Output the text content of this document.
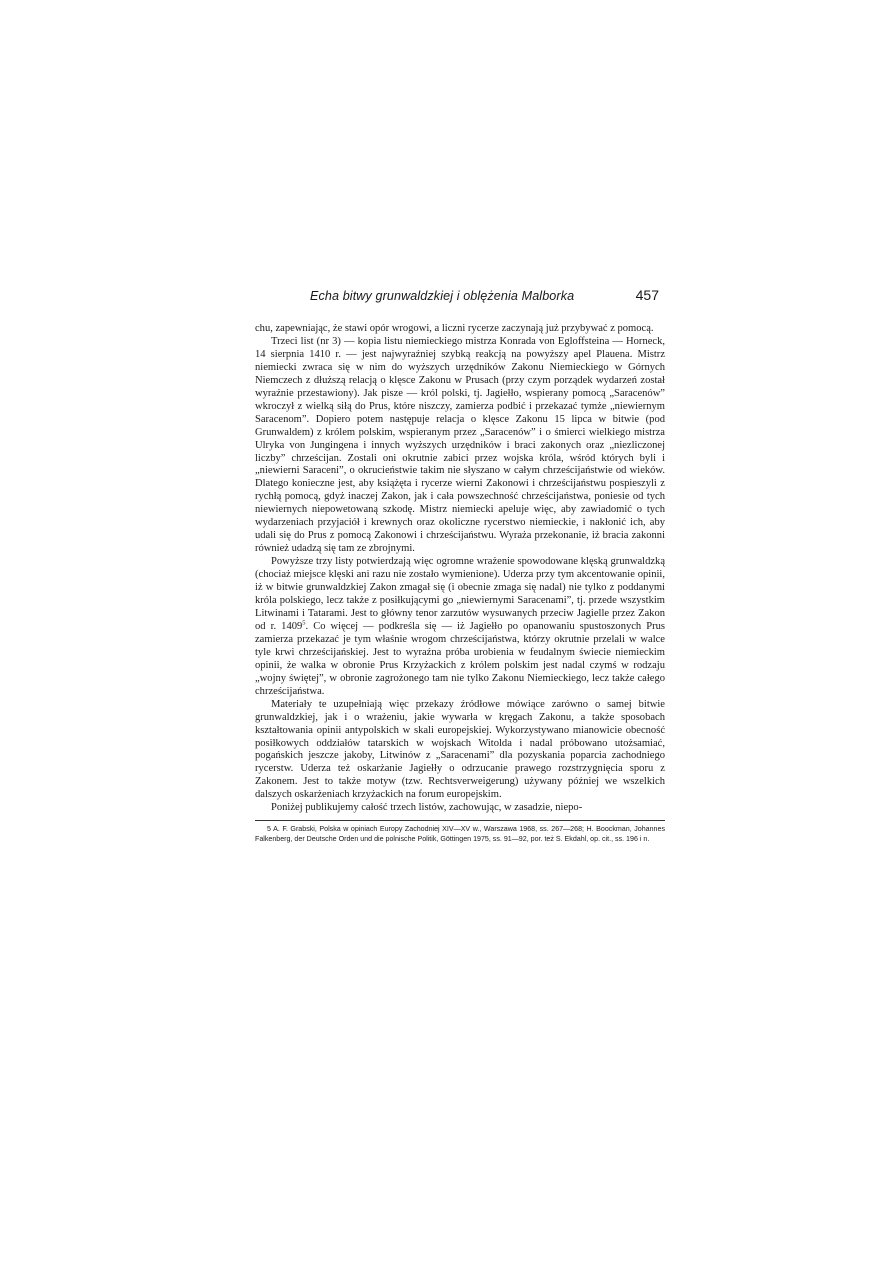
Echa bitwy grunwaldzkiej i oblężenia Malborka	457

chu, zapewniając, że stawi opór wrogowi, a liczni rycerze zaczynają już przybywać z pomocą.

Trzeci list (nr 3) — kopia listu niemieckiego mistrza Konrada von Egloffsteina — Horneck, 14 sierpnia 1410 r. — jest najwyraźniej szybką reakcją na powyższy apel Plauena. Mistrz niemiecki zwraca się w nim do wyższych urzędników Zakonu Niemieckiego w Górnych Niemczech z dłuższą relacją o klęsce Zakonu w Prusach (przy czym porządek wydarzeń został wyraźnie przestawiony). Jak pisze — król polski, tj. Jagiełło, wspierany pomocą „Saracenów” wkroczył z wielką siłą do Prus, które niszczy, zamierza podbić i przekazać tymże „niewiernym Saracenom”. Dopiero potem następuje relacja o klęsce Zakonu 15 lipca w bitwie (pod Grunwaldem) z królem polskim, wspieranym przez „Saracenów” i o śmierci wielkiego mistrza Ulryka von Jungingena i innych wyższych urzędników i braci zakonych oraz „niezliczonej liczby” chrześcijan. Zostali oni okrutnie zabici przez wojska króla, wśród których byli i „niewierni Saraceni”, o okrucieństwie takim nie słyszano w całym chrześcijaństwie od wieków. Dlatego konieczne jest, aby książęta i rycerze wierni Zakonowi i chrześcijaństwu pospieszyli z rychłą pomocą, gdyż inaczej Zakon, jak i cała powszechność chrześcijaństwa, poniesie od tych niewiernych niepowetowaną szkodę. Mistrz niemiecki apeluje więc, aby zawiadomić o tych wydarzeniach przyjaciół i krewnych oraz okoliczne rycerstwo niemieckie, i nakłonić ich, aby udali się do Prus z pomocą Zakonowi i chrześcijaństwu. Wyraża przekonanie, iż bracia zakonni również udadzą się tam ze zbrojnymi.

Powyższe trzy listy potwierdzają więc ogromne wrażenie spowodowane klęską grunwaldzką (chociaż miejsce klęski ani razu nie zostało wymienione). Uderza przy tym akcentowanie opinii, iż w bitwie grunwaldzkiej Zakon zmagał się (i obecnie zmaga się nadal) nie tylko z poddanymi króla polskiego, lecz także z posiłkującymi go „niewiernymi Saracenami”, tj. przede wszystkim Litwinami i Tatarami. Jest to główny tenor zarzutów wysuwanych przeciw Jagielle przez Zakon od r. 1409$^5$. Co więcej — podkreśla się — iż Jagiełło po opanowaniu spustoszonych Prus zamierza przekazać je tym właśnie wrogom chrześcijaństwa, którzy okrutnie przelali w walce tyle krwi chrześcijańskiej. Jest to wyraźna próba urobienia w feudalnym świecie niemieckim opinii, że walka w obronie Prus Krzyżackich z królem polskim jest nadal czymś w rodzaju „wojny świętej”, w obronie zagrożonego tam nie tylko Zakonu Niemieckiego, lecz także całego chrześcijaństwa.

Materiały te uzupełniają więc przekazy źródłowe mówiące zarówno o samej bitwie grunwaldzkiej, jak i o wrażeniu, jakie wywarła w kręgach Zakonu, a także sposobach kształtowania opinii antypolskich w skali europejskiej. Wykorzystywano mianowicie obecność posiłkowych oddziałów tatarskich w wojskach Witolda i nadal próbowano utożsamiać, pogańskich jeszcze jakoby, Litwinów z „Saracenami” dla pozyskania poparcia zachodniego rycerstw. Uderza też oskarżanie Jagiełły o odrzucanie prawego rozstrzygnięcia sporu z Zakonem. Jest to także motyw (tzw. Rechtsverweigerung) używany później we wszelkich dalszych oskarżeniach krzyżackich na forum europejskim.

Poniżej publikujemy całość trzech listów, zachowując, w zasadzie, niepo-

5 A. F. Grabski, Polska w opiniach Europy Zachodniej XIV—XV w., Warszawa 1968, ss. 267—268; H. Boockman, Johannes Falkenberg, der Deutsche Orden und die polnische Politik, Göttingen 1975, ss. 91—92, por. też S. Ekdahl, op. cit., ss. 196 i n.
